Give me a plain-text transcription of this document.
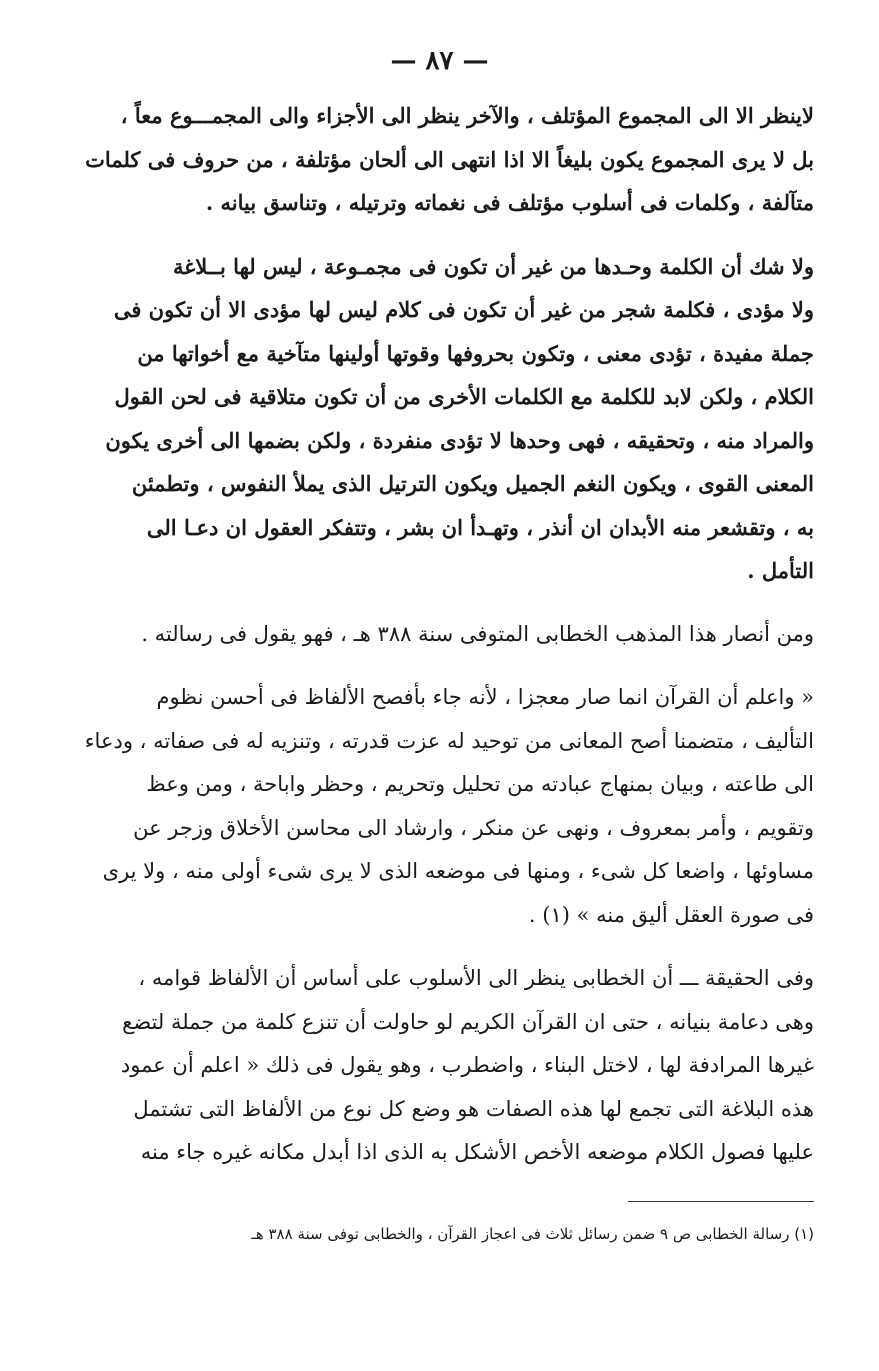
— ٨٧ —
لاينظر الا الى المجموع المؤتلف ، والآخر ينظر الى الأجزاء والى المجمـــوع معاً ،
بل لا يرى المجموع يكون بليغاً الا اذا انتهى الى ألحان مؤتلفة ، من حروف فى كلمات
متآلفة ، وكلمات فى أسلوب مؤتلف فى نغماته وترتيله ، وتناسق بيانه .
ولا شك أن الكلمة وحـدها من غير أن تكون فى مجمـوعة ، ليس لها بــلاغة
ولا مؤدى ، فكلمة شجر من غير أن تكون فى كلام ليس لها مؤدى الا أن تكون فى
جملة مفيدة ، تؤدى معنى ، وتكون بحروفها وقوتها أولينها متآخية مع أخواتها من
الكلام ، ولكن لابد للكلمة مع الكلمات الأخرى من أن تكون متلاقية فى لحن القول
والمراد منه ، وتحقيقه ، فهى وحدها لا تؤدى منفردة ، ولكن بضمها الى أخرى يكون
المعنى القوى ، ويكون النغم الجميل ويكون الترتيل الذى يملأ النفوس ، وتطمئن
به ، وتقشعر منه الأبدان ان أنذر ، وتهـدأ ان بشر ، وتتفكر العقول ان دعـا الى
التأمل .
ومن أنصار هذا المذهب الخطابى المتوفى سنة ٣٨٨ هـ ، فهو يقول فى رسالته .
« واعلم أن القرآن انما صار معجزا ، لأنه جاء بأفصح الألفاظ فى أحسن نظوم
التأليف ، متضمنا أصح المعانى من توحيد له عزت قدرته ، وتنزيه له فى صفاته ، ودعاء
الى طاعته ، وبيان بمنهاج عبادته من تحليل وتحريم ، وحظر واباحة ، ومن وعظ
وتقويم ، وأمر بمعروف ، ونهى عن منكر ، وارشاد الى محاسن الأخلاق وزجر عن
مساوئها ، واضعا كل شىء ، ومنها فى موضعه الذى لا يرى شىء أولى منه ، ولا يرى
فى صورة العقل أليق منه » (١) .
وفى الحقيقة ـــ أن الخطابى ينظر الى الأسلوب على أساس أن الألفاظ قوامه ،
وهى دعامة بنيانه ، حتى ان القرآن الكريم لو حاولت أن تنزع كلمة من جملة لتضع
غيرها المرادفة لها ، لاختل البناء ، واضطرب ، وهو يقول فى ذلك « اعلم أن عمود
هذه البلاغة التى تجمع لها هذه الصفات هو وضع كل نوع من الألفاظ التى تشتمل
عليها فصول الكلام موضعه الأخص الأشكل به الذى اذا أبدل مكانه غيره جاء منه
(١) رسالة الخطابى ص ٩ ضمن رسائل ثلاث فى اعجاز القرآن ، والخطابى توفى سنة ٣٨٨ هـ
